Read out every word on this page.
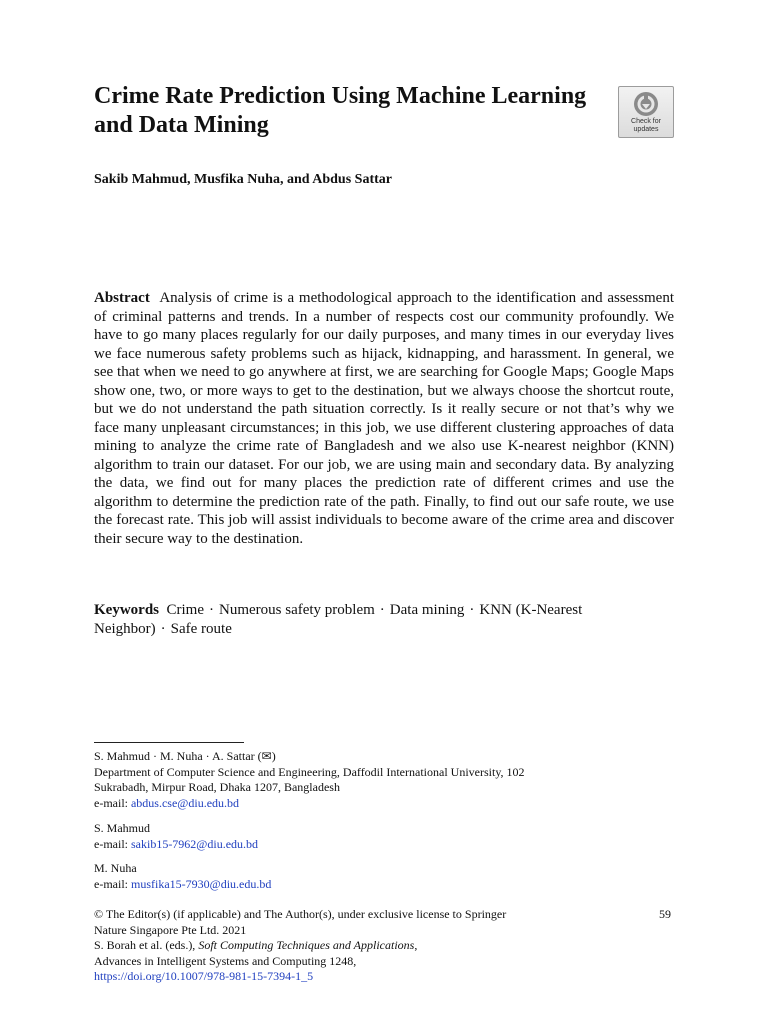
Crime Rate Prediction Using Machine Learning and Data Mining	Check for
updates

Sakib Mahmud, Musfika Nuha, and Abdus Sattar

Abstract Analysis of crime is a methodological approach to the identification and assessment of criminal patterns and trends. In a number of respects cost our community profoundly. We have to go many places regularly for our daily purposes, and many times in our everyday lives we face numerous safety problems such as hijack, kidnapping, and harassment. In general, we see that when we need to go anywhere at first, we are searching for Google Maps; Google Maps show one, two, or more ways to get to the destination, but we always choose the shortcut route, but we do not understand the path situation correctly. Is it really secure or not that’s why we face many unpleasant circumstances; in this job, we use different clustering approaches of data mining to analyze the crime rate of Bangladesh and we also use K-nearest neighbor (KNN) algorithm to train our dataset. For our job, we are using main and secondary data. By analyzing the data, we find out for many places the prediction rate of different crimes and use the algorithm to determine the prediction rate of the path. Finally, to find out our safe route, we use the forecast rate. This job will assist individuals to become aware of the crime area and discover their secure way to the destination.

Keywords Crime · Numerous safety problem · Data mining · KNN (K-Nearest Neighbor) · Safe route

S. Mahmud · M. Nuha · A. Sattar (✉)
Department of Computer Science and Engineering, Daffodil International University, 102
Sukrabadh, Mirpur Road, Dhaka 1207, Bangladesh
e-mail: abdus.cse@diu.edu.bd
S. Mahmud
e-mail: sakib15-7962@diu.edu.bd
M. Nuha
e-mail: musfika15-7930@diu.edu.bd
© The Editor(s) (if applicable) and The Author(s), under exclusive license to Springer
Nature Singapore Pte Ltd. 2021
S. Borah et al. (eds.), Soft Computing Techniques and Applications,
Advances in Intelligent Systems and Computing 1248,
https://doi.org/10.1007/978-981-15-7394-1_5
59
